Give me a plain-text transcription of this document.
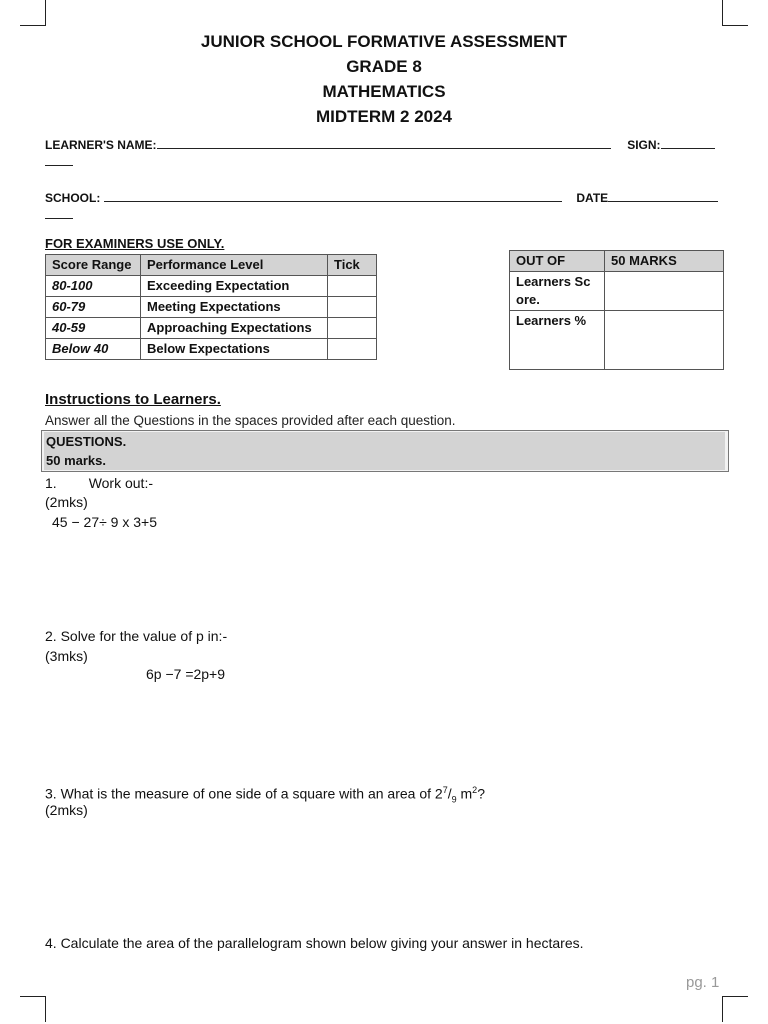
JUNIOR SCHOOL FORMATIVE ASSESSMENT
GRADE 8
MATHEMATICS
MIDTERM 2 2024
LEARNER'S NAME:	SIGN:
SCHOOL:	DATE
FOR EXAMINERS USE ONLY.
Score Range	Performance Level	Tick
80-100	Exceeding Expectation	
60-79	Meeting Expectations	
40-59	Approaching Expectations	
Below 40	Below Expectations	
OUT OF	50 MARKS
Learners Score.	
Learners %	
Instructions to Learners.
Answer all the Questions in the spaces provided after each question.
QUESTIONS.
50 marks.
1. Work out:-
(2mks)
45 − 27÷ 9 x 3+5
2. Solve for the value of p in:-
(3mks)
6p −7 =2p+9
3. What is the measure of one side of a square with an area of $2^7/_9$ $m^2$?
(2mks)
4. Calculate the area of the parallelogram shown below giving your answer in hectares.
pg. 1
